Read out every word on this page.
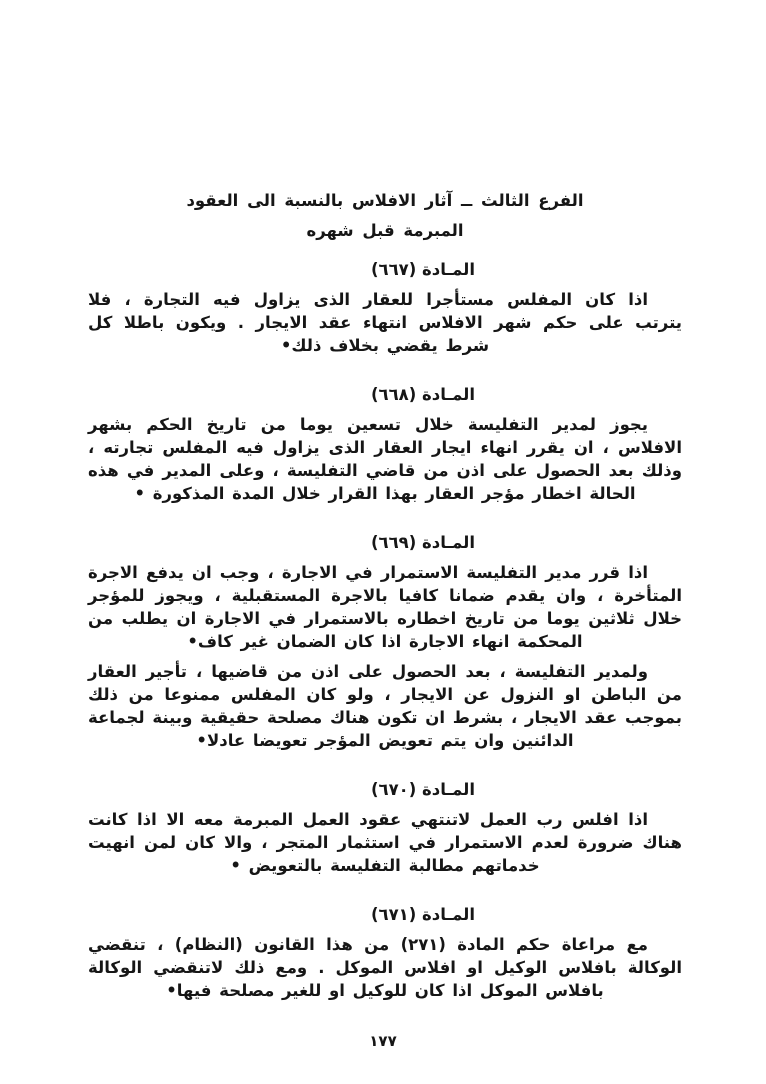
الفرع الثالث ــ آثار الافلاس بالنسبة الى العقود
المبرمة قبل شهره
المـادة (٦٦٧)

اذا كان المفلس مستأجرا للعقار الذى يزاول فيه التجارة ، فلا يترتب على حكم شهر الافلاس انتهاء عقد الايجار . ويكون باطلا كل شرط يقضي بخلاف ذلك•

المـادة (٦٦٨)

يجوز لمدير التفليسة خلال تسعين يوما من تاريخ الحكم بشهر الافلاس ، ان يقرر انهاء ايجار العقار الذى يزاول فيه المفلس تجارته ، وذلك بعد الحصول على اذن من قاضي التفليسة ، وعلى المدير في هذه الحالة اخطار مؤجر العقار بهذا القرار خلال المدة المذكورة •

المـادة (٦٦٩)

اذا قرر مدير التفليسة الاستمرار في الاجارة ، وجب ان يدفع الاجرة المتأخرة ، وان يقدم ضمانا كافيا بالاجرة المستقبلية ، ويجوز للمؤجر خلال ثلاثين يوما من تاريخ اخطاره بالاستمرار في الاجارة ان يطلب من المحكمة انهاء الاجارة اذا كان الضمان غير كاف•

ولمدير التفليسة ، بعد الحصول على اذن من قاضيها ، تأجير العقار من الباطن او النزول عن الايجار ، ولو كان المفلس ممنوعا من ذلك بموجب عقد الايجار ، بشرط ان تكون هناك مصلحة حقيقية وبينة لجماعة الدائنين وان يتم تعويض المؤجر تعويضا عادلا•

المـادة (٦٧٠)

اذا افلس رب العمل لاتنتهي عقود العمل المبرمة معه الا اذا كانت هناك ضرورة لعدم الاستمرار في استثمار المتجر ، والا كان لمن انهيت خدماتهم مطالبة التفليسة بالتعويض •

المـادة (٦٧١)

مع مراعاة حكم المادة (٢٧١) من هذا القانون (النظام) ، تنقضي الوكالة بافلاس الوكيل او افلاس الموكل . ومع ذلك لاتنقضي الوكالة بافلاس الموكل اذا كان للوكيل او للغير مصلحة فيها•

١٧٧
